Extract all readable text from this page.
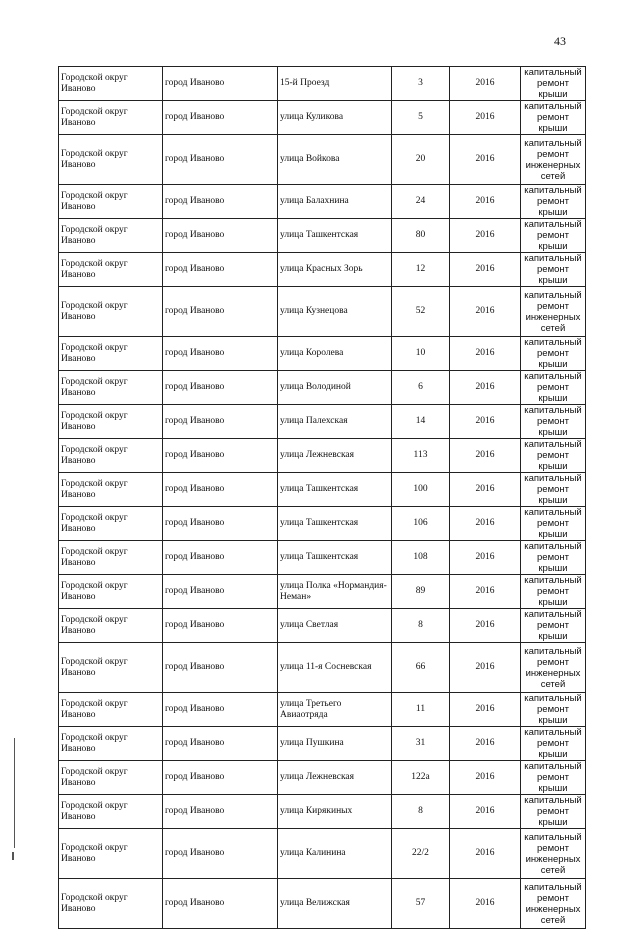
43
Городской округ Иваново	город Иваново	15-й Проезд	3	2016	капитальный ремонт крыши
Городской округ Иваново	город Иваново	улица Куликова	5	2016	капитальный ремонт крыши
Городской округ Иваново	город Иваново	улица Войкова	20	2016	капитальный ремонт инженерных сетей
Городской округ Иваново	город Иваново	улица Балахнина	24	2016	капитальный ремонт крыши
Городской округ Иваново	город Иваново	улица Ташкентская	80	2016	капитальный ремонт крыши
Городской округ Иваново	город Иваново	улица Красных Зорь	12	2016	капитальный ремонт крыши
Городской округ Иваново	город Иваново	улица Кузнецова	52	2016	капитальный ремонт инженерных сетей
Городской округ Иваново	город Иваново	улица Королева	10	2016	капитальный ремонт крыши
Городской округ Иваново	город Иваново	улица Володиной	6	2016	капитальный ремонт крыши
Городской округ Иваново	город Иваново	улица Палехская	14	2016	капитальный ремонт крыши
Городской округ Иваново	город Иваново	улица Лежневская	113	2016	капитальный ремонт крыши
Городской округ Иваново	город Иваново	улица Ташкентская	100	2016	капитальный ремонт крыши
Городской округ Иваново	город Иваново	улица Ташкентская	106	2016	капитальный ремонт крыши
Городской округ Иваново	город Иваново	улица Ташкентская	108	2016	капитальный ремонт крыши
Городской округ Иваново	город Иваново	улица Полка «Нормандия-Неман»	89	2016	капитальный ремонт крыши
Городской округ Иваново	город Иваново	улица Светлая	8	2016	капитальный ремонт крыши
Городской округ Иваново	город Иваново	улица 11-я Сосневская	66	2016	капитальный ремонт инженерных сетей
Городской округ Иваново	город Иваново	улица Третьего Авиаотряда	11	2016	капитальный ремонт крыши
Городской округ Иваново	город Иваново	улица Пушкина	31	2016	капитальный ремонт крыши
Городской округ Иваново	город Иваново	улица Лежневская	122а	2016	капитальный ремонт крыши
Городской округ Иваново	город Иваново	улица Кирякиных	8	2016	капитальный ремонт крыши
Городской округ Иваново	город Иваново	улица Калинина	22/2	2016	капитальный ремонт инженерных сетей
Городской округ Иваново	город Иваново	улица Велижская	57	2016	капитальный ремонт инженерных сетей
